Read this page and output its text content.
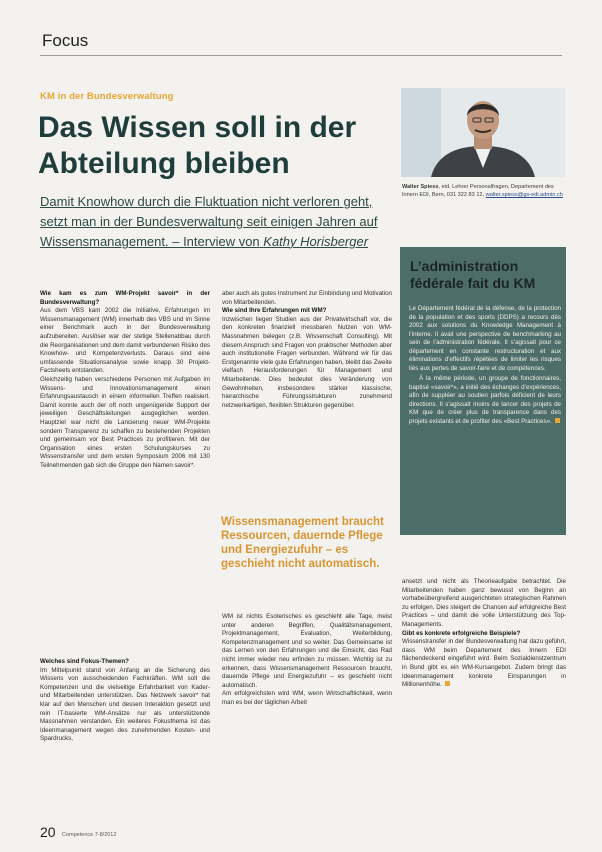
Focus
KM in der Bundesverwaltung
Das Wissen soll in der Abteilung bleiben
Damit Knowhow durch die Fluktuation nicht verloren geht, setzt man in der Bundesverwaltung seit einigen Jahren auf Wissensmanagement. – Interview von Kathy Horisberger
Walter Spiess, eid. Lehrer Personalfragen, Departement des Innern EDI, Bern, 031 322 83 12, walter.spiess@gs-edi.admin.ch
L’administration fédérale fait du KM

Le Département fédéral de la défense, de la protection de la population et des sports (DDPS) a recours dès 2002 aux solutions du Knowledge Management à l’interne. Il avait une perspective de benchmarking au sein de l’administration fédérale. Il s’agissait pour ce département en constante restructuration et aux éliminations d’effectifs répétées de limiter les risques liés aux pertes de savoir-faire et de compétences.

À la même période, un groupe de fonctionnaires, baptisé «savoir*», a initié des échanges d’expériences, afin de suppléer au soutien parfois déficient de leurs directions. Il s’agissait moins de lancer des projets de KM que de créer plus de transparence dans des projets existants et de profiter des «Best Practices».

Wie kam es zum WM-Projekt savoir* in der Bundesverwaltung?

Aus dem VBS kam 2002 die Initiative, Erfahrungen im Wissensmanagement (WM) innerhalb des VBS und im Sinne einer Benchmark auch in der Bundesverwaltung aufzubereiten. Auslöser war der stetige Stellenabbau durch die Reorganisationen und dem damit verbundenen Risiko des Knowhow- und Kompetenzverlusts. Daraus sind eine umfassende Situationsanalyse sowie knapp 30 Projekt-Factsheets entstanden.

Gleichzeitig haben verschiedene Personen mit Aufgaben im Wissens- und Innovationsmanagement einen Erfahrungsaustausch in einem informellen Treffen realisiert. Damit konnte auch der oft noch ungenügende Support der jeweiligen Geschäftsleitungen ausgeglichen werden. Hauptziel war nicht die Lancierung neuer WM-Projekte sondern Transparenz zu schaffen zu bestehenden Projekten und gemeinsam vor Best Practices zu profitieren. Mit der Organisation eines ersten Schulungskurses zu Wissenstransfer und dem ersten Symposium 2006 mit 130 Teilnehmenden gab sich die Gruppe den Namen savoir*.

Welches sind Fokus-Themen?

Im Mittelpunkt stand von Anfang an die Sicherung des Wissens von ausscheidenden Fachkräften. WM soll die Kompetenzen und die vielseitige Erfahrbarkeit von Kader- und Mitarbeitenden unterstützen. Das Netzwerk savoir* hat klar auf den Menschen und dessen Interaktion gesetzt und rein IT-basierte WM-Ansätze nur als unterstützende Massnahmen verstanden. Ein weiteres Fokusthema ist das Ideenmanagement wegen des zunehmenden Kosten- und Spardrucks,

aber auch als gutes Instrument zur Einbindung und Motivation von Mitarbeitenden.

Wie sind Ihre Erfahrungen mit WM?

Inzwischen liegen Studien aus der Privatwirtschaft vor, die den konkreten finanziell messbaren Nutzen von WM-Massnahmen belegen (z.B. Wissenschaft Consulting). Mit diesem Anspruch sind Fragen von praktischer Methoden aber auch institutionelle Fragen verbunden. Während wir für das Erstgenannte viele gute Erfahrungen haben, bleibt das Zweite vielfach Herausforderungen für Management und Mitarbeitende. Dies bedeutet dies Veränderung von Gewohnheiten, insbesondere stärker klassische, hierarchische Führungsstrukturen zunehmend netzwerkartigen, flexiblen Strukturen gegenüber.

Wissensmanagement braucht Ressourcen, dauernde Pflege und Energiezufuhr – es geschieht nicht automatisch.

WM ist nichts Esoterisches es geschieht alle Tage, meist unter anderen Begriffen, Qualitätsmanagement, Projektmanagement, Evaluation, Weiterbildung, Kompetenzmanagement und so weiter. Das Gemeinsame ist das Lernen von den Erfahrungen und die Einsicht, das Rad nicht immer wieder neu erfinden zu müssen. Wichtig ist zu erkennen, dass Wissensmanagement Ressourcen braucht, dauernde Pflege und Energiezufuhr – es geschieht nicht automatisch.

Am erfolgreichsten wird WM, wenn Wirtschaftlichkeit, wenn man es bei der täglichen Arbeit

ansetzt und nicht als Theorieaufgabe betrachtet. Die Mitarbeitenden haben ganz bewusst von Beginn an vorhabeübergreifend ausgerichteten strategischen Rahmen zu erfolgen. Dies steigert die Chancen auf erfolgreiche Best Practices – und damit die volle Unterstützung des Top-Managements.

Gibt es konkrete erfolgreiche Beispiele?

Wissenstransfer in der Bundesverwaltung hat dazu geführt, dass WM beim Departement des Innern EDI flächendeckend eingeführt wird. Beim Sozialdienstzentrum in Bund gibt es ein WM-Kursangebot. Zudem bringt das Ideenmanagement konkrete Einsparungen in Millionenhöhe.

20 Competence 7-8/2012
